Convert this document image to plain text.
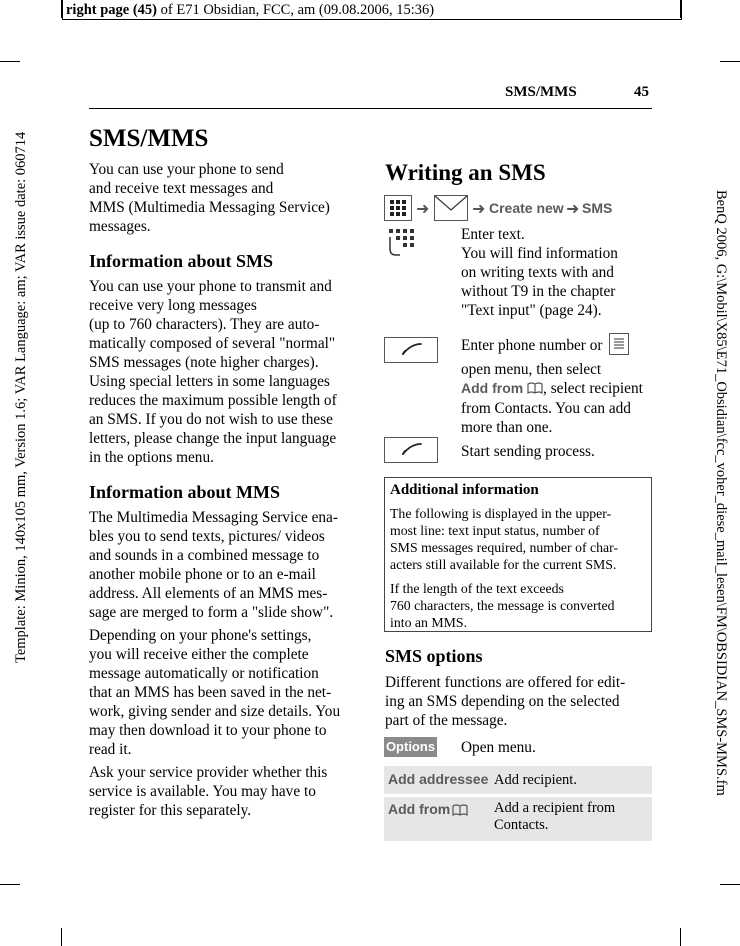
right page (45) of E71 Obsidian, FCC, am (09.08.2006, 15:36)
Template: Minion, 140x105 mm, Version 1.6; VAR Language: am; VAR issue date: 060714	BenQ 2006, G:\Mobil\X85\E71_Obsidian\fcc_voher_diese_mail_lesen\FM\OBSIDIAN_SMS-MMS.fm
SMS/MMS	45
SMS/MMS

You can use your phone to send

and receive text messages and

MMS (Multimedia Messaging Service)

messages.

Information about SMS

You can use your phone to transmit and

receive very long messages

(up to 760 characters). They are auto-

matically composed of several "normal"

SMS messages (note higher charges).

Using special letters in some languages

reduces the maximum possible length of

an SMS. If you do not wish to use these

letters, please change the input language

in the options menu.

Information about MMS

The Multimedia Messaging Service ena-

bles you to send texts, pictures/ videos

and sounds in a combined message to

another mobile phone or to an e-mail

address. All elements of an MMS mes-

sage are merged to form a "slide show".

Depending on your phone's settings,

you will receive either the complete

message automatically or notification

that an MMS has been saved in the net-

work, giving sender and size details. You

may then download it to your phone to

read it.

Ask your service provider whether this

service is available. You may have to

register for this separately.

Writing an SMS
➜	➜ Create new ➜ SMS

Enter text.

You will find information

on writing texts with and

without T9 in the chapter

"Text input" (page 24).

Enter phone number or

open menu, then select

Add from , select recipient

from Contacts. You can add

more than one.

Start sending process.

Additional information

The following is displayed in the upper-

most line: text input status, number of

SMS messages required, number of char-

acters still available for the current SMS.

If the length of the text exceeds

760 characters, the message is converted

into an MMS.

SMS options

Different functions are offered for edit-

ing an SMS depending on the selected

part of the message.

Options Open menu.

Add addressee Add recipient.
Add from	Add a recipient from

Contacts.
